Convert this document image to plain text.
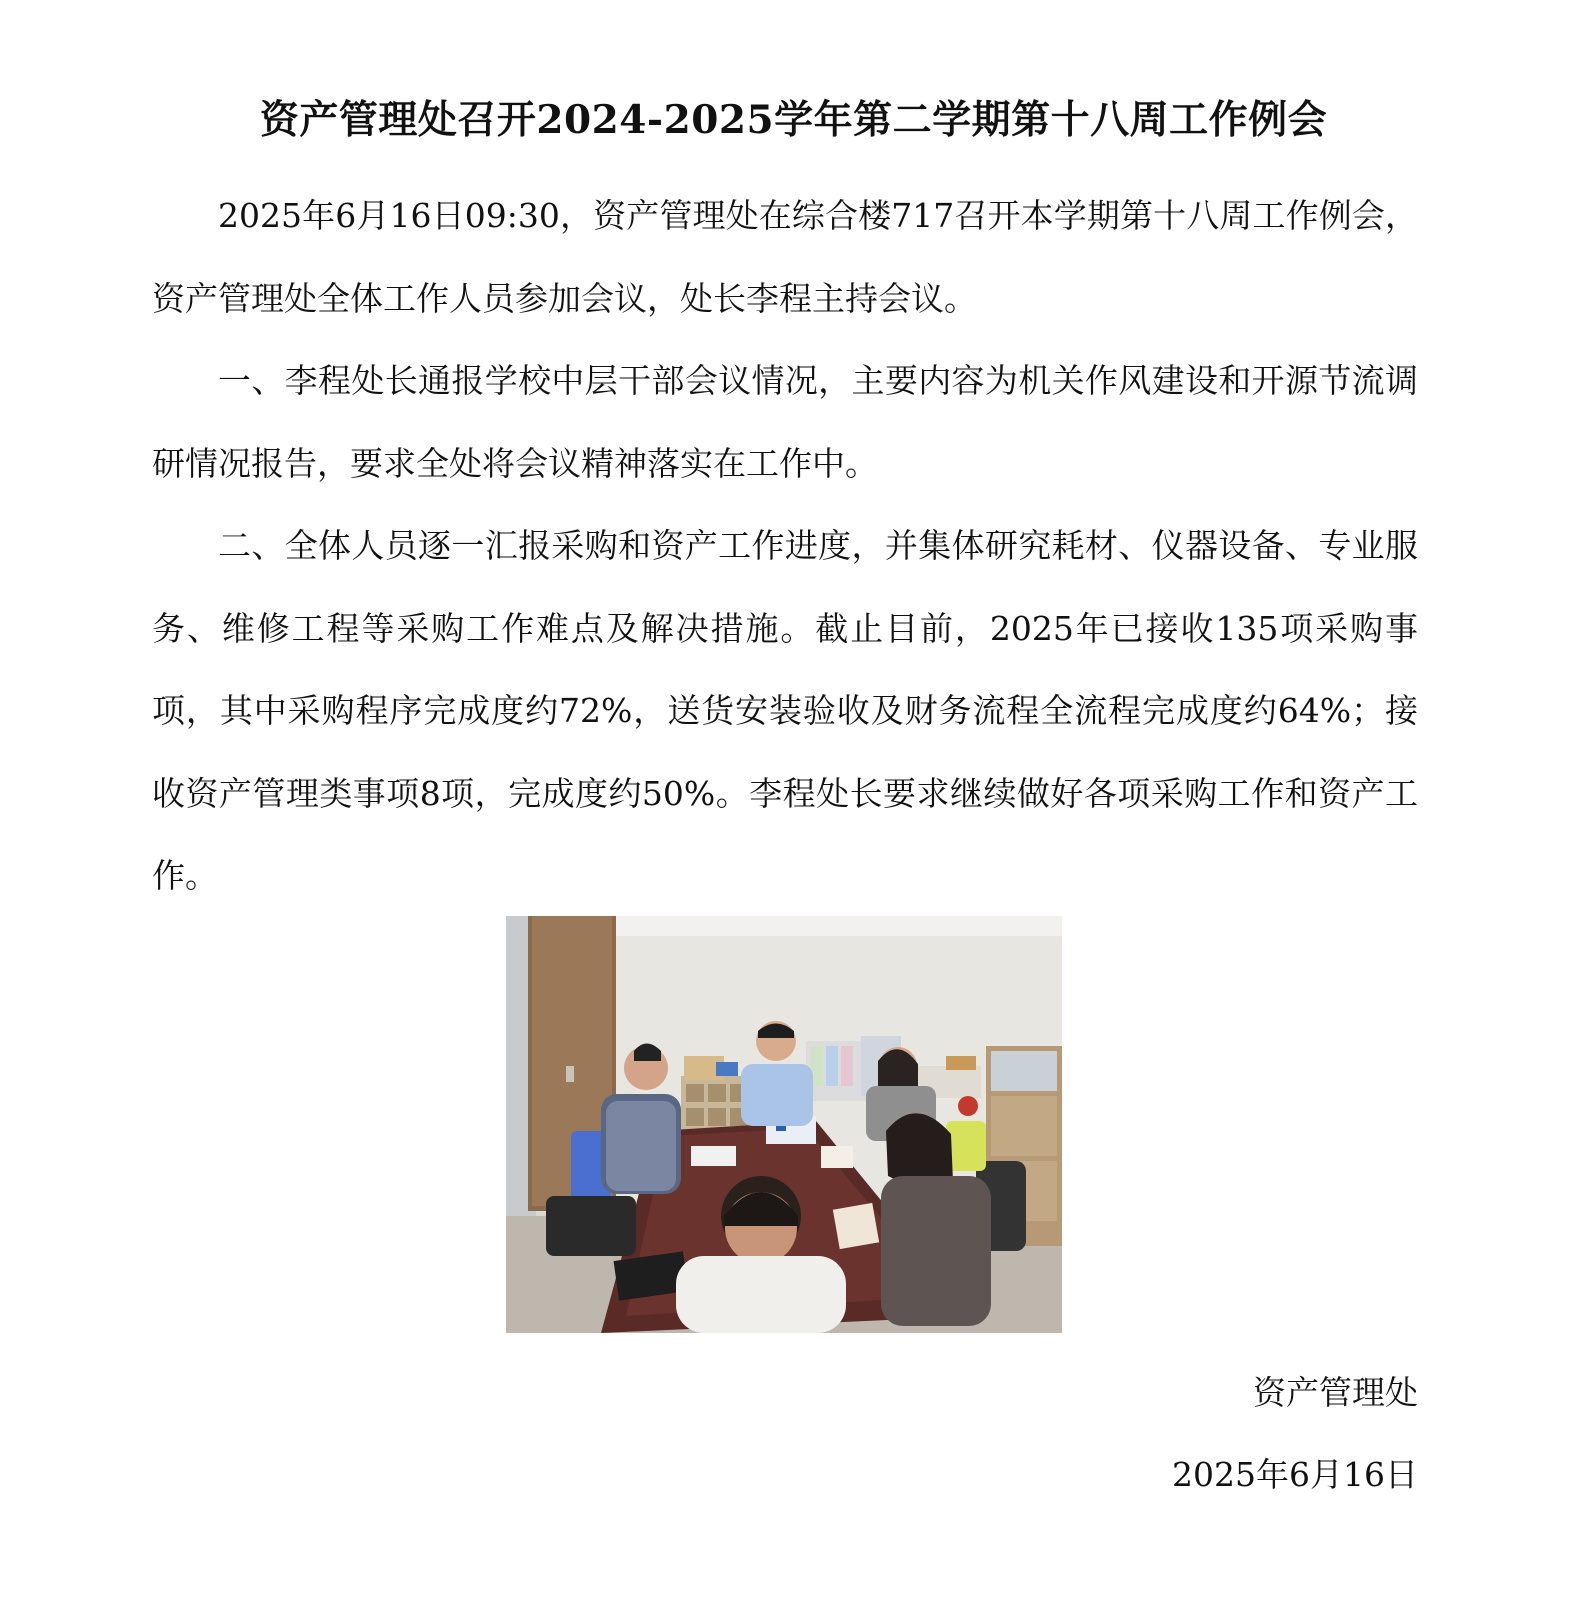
资产管理处召开2024-2025学年第二学期第十八周工作例会

2025年6月16日09:30，资产管理处在综合楼717召开本学期第十八周工作例会，资产管理处全体工作人员参加会议，处长李程主持会议。

一、李程处长通报学校中层干部会议情况，主要内容为机关作风建设和开源节流调研情况报告，要求全处将会议精神落实在工作中。

二、全体人员逐一汇报采购和资产工作进度，并集体研究耗材、仪器设备、专业服务、维修工程等采购工作难点及解决措施。截止目前，2025年已接收135项采购事项，其中采购程序完成度约72%，送货安装验收及财务流程全流程完成度约64%；接收资产管理类事项8项，完成度约50%。李程处长要求继续做好各项采购工作和资产工作。

资产管理处
2025年6月16日
